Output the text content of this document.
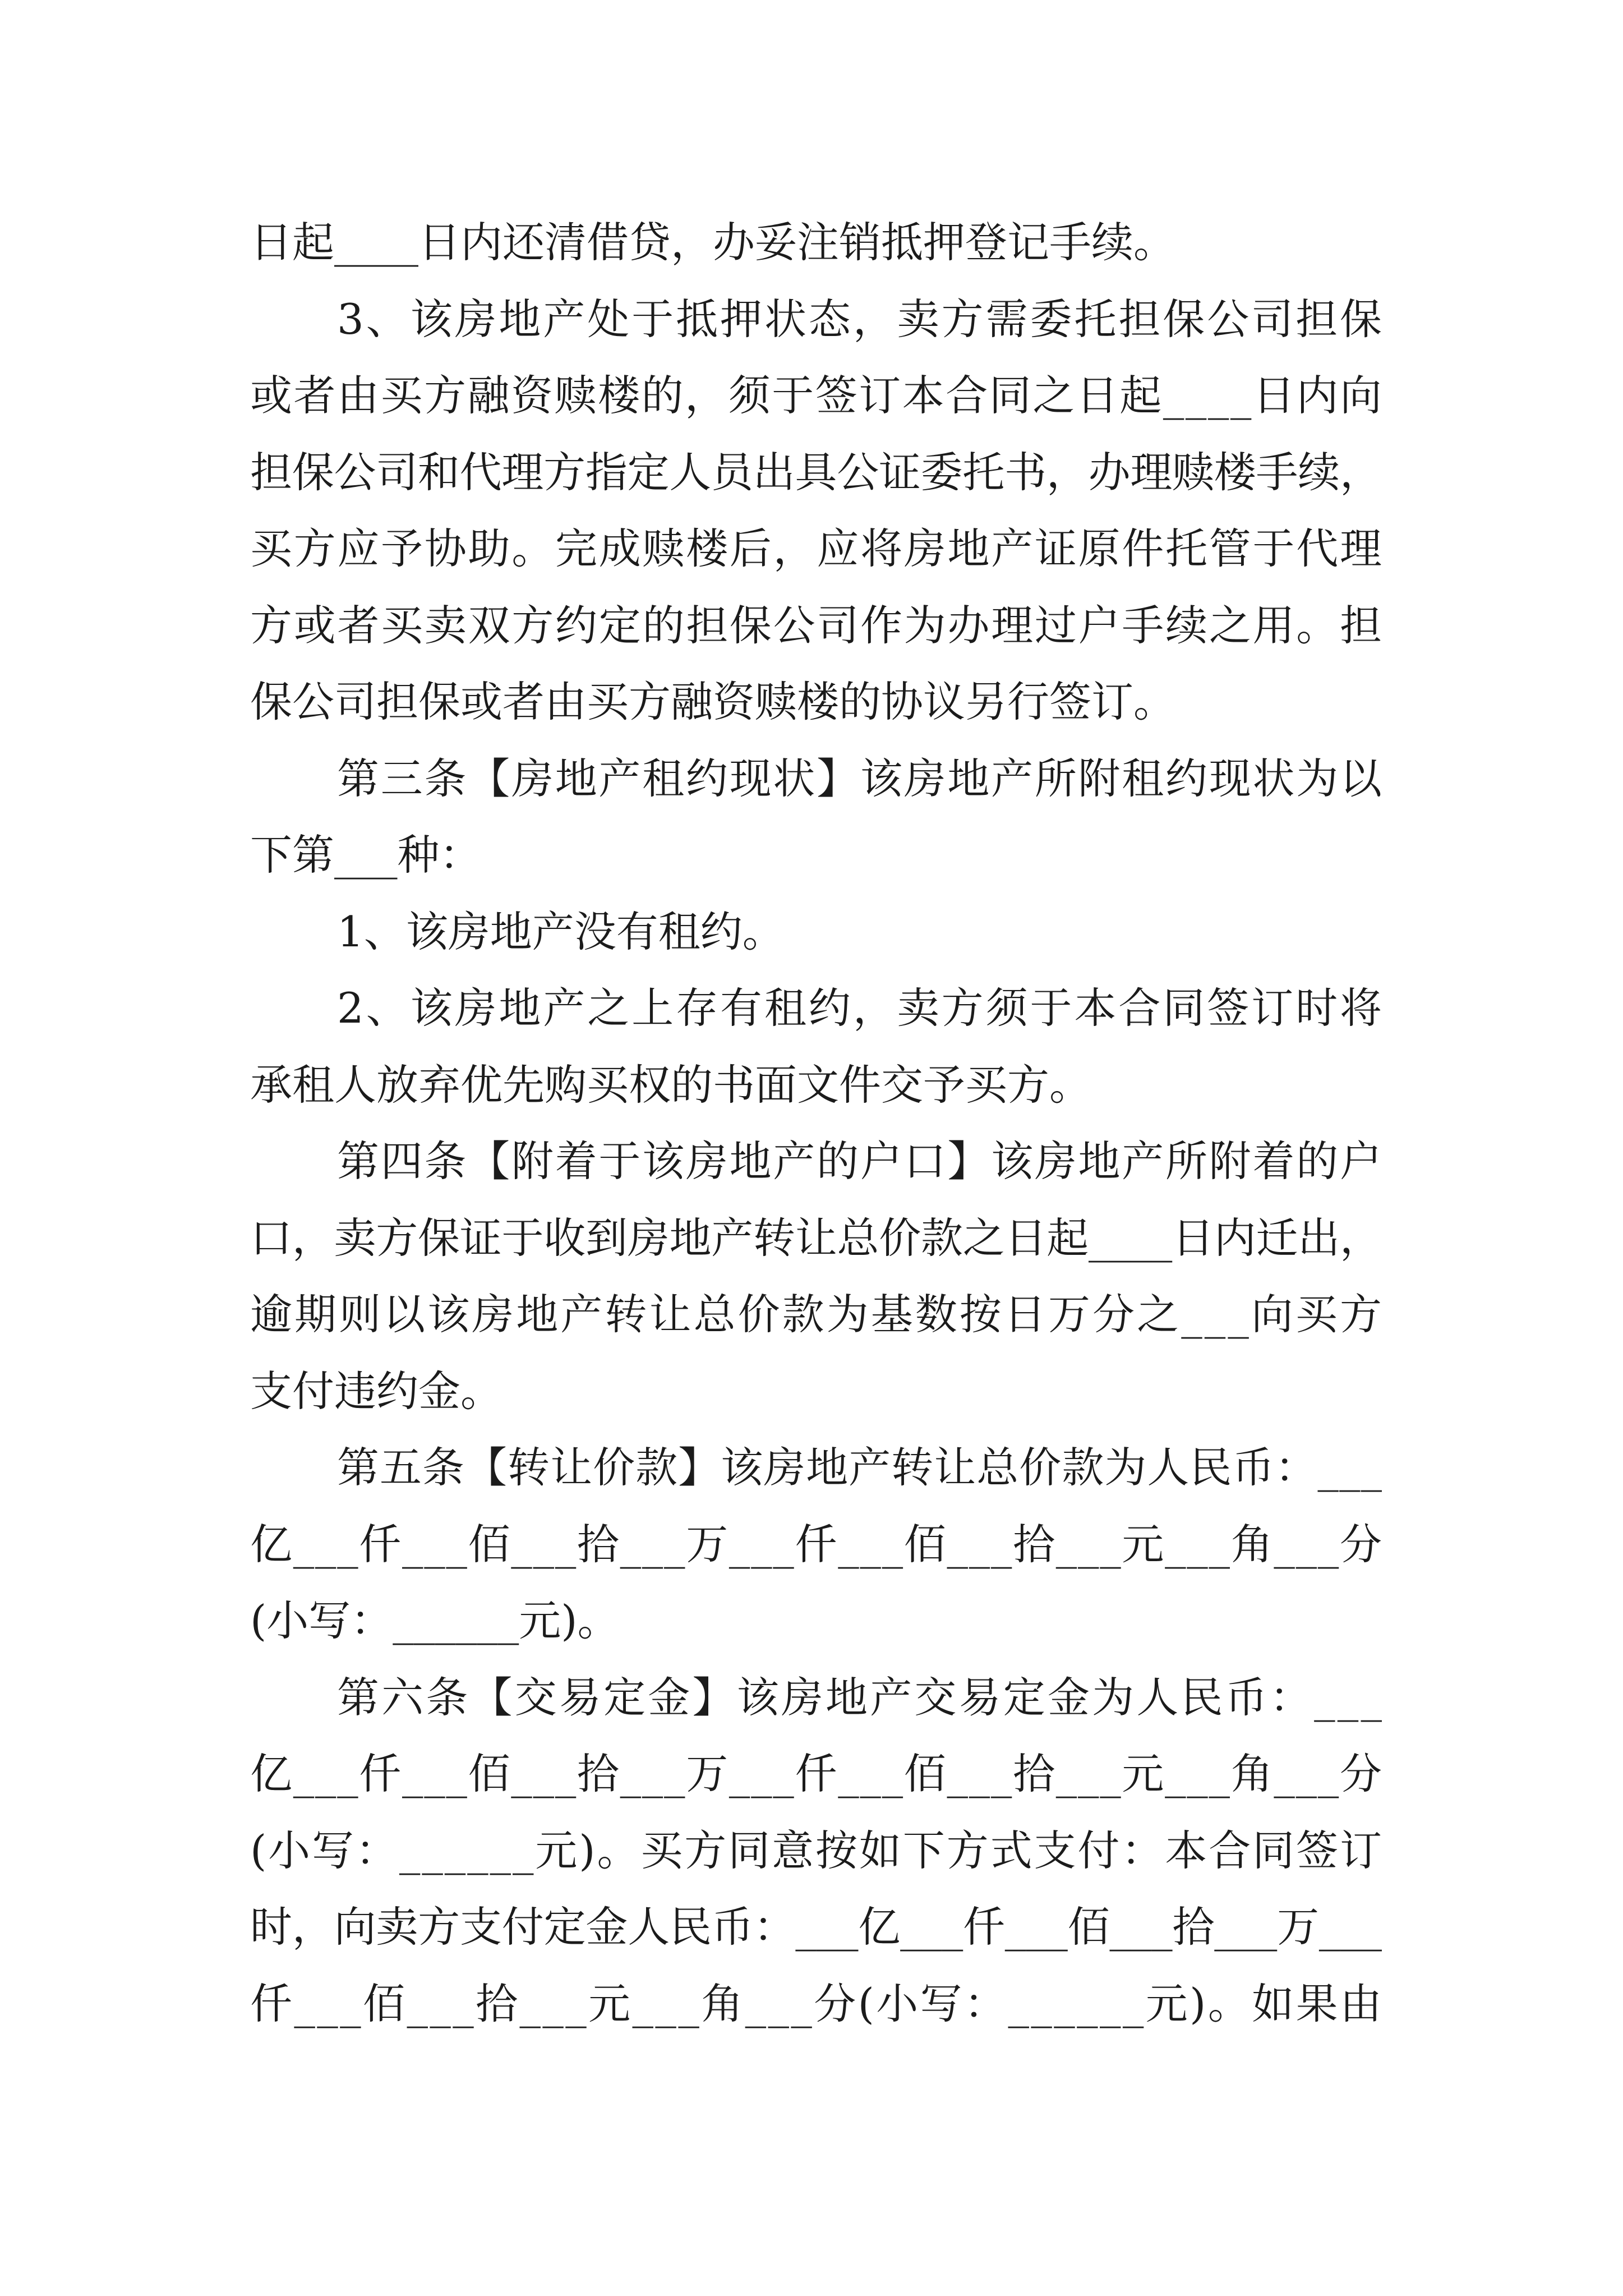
日起____日内还清借贷，办妥注销抵押登记手续。
3、该房地产处于抵押状态，卖方需委托担保公司担保
或者由买方融资赎楼的，须于签订本合同之日起____日内向
担保公司和代理方指定人员出具公证委托书，办理赎楼手续，
买方应予协助。完成赎楼后，应将房地产证原件托管于代理
方或者买卖双方约定的担保公司作为办理过户手续之用。担
保公司担保或者由买方融资赎楼的协议另行签订。
第三条【房地产租约现状】该房地产所附租约现状为以
下第___种：
1、该房地产没有租约。
2、该房地产之上存有租约，卖方须于本合同签订时将
承租人放弃优先购买权的书面文件交予买方。
第四条【附着于该房地产的户口】该房地产所附着的户
口，卖方保证于收到房地产转让总价款之日起____日内迁出，
逾期则以该房地产转让总价款为基数按日万分之___向买方
支付违约金。
第五条【转让价款】该房地产转让总价款为人民币：___
亿___仟___佰___拾___万___仟___佰___拾___元___角___分
(小写：______元)。
第六条【交易定金】该房地产交易定金为人民币：___
亿___仟___佰___拾___万___仟___佰___拾___元___角___分
(小写：______元)。买方同意按如下方式支付：本合同签订
时，向卖方支付定金人民币：___亿___仟___佰___拾___万___
仟___佰___拾___元___角___分(小写：______元)。如果由
